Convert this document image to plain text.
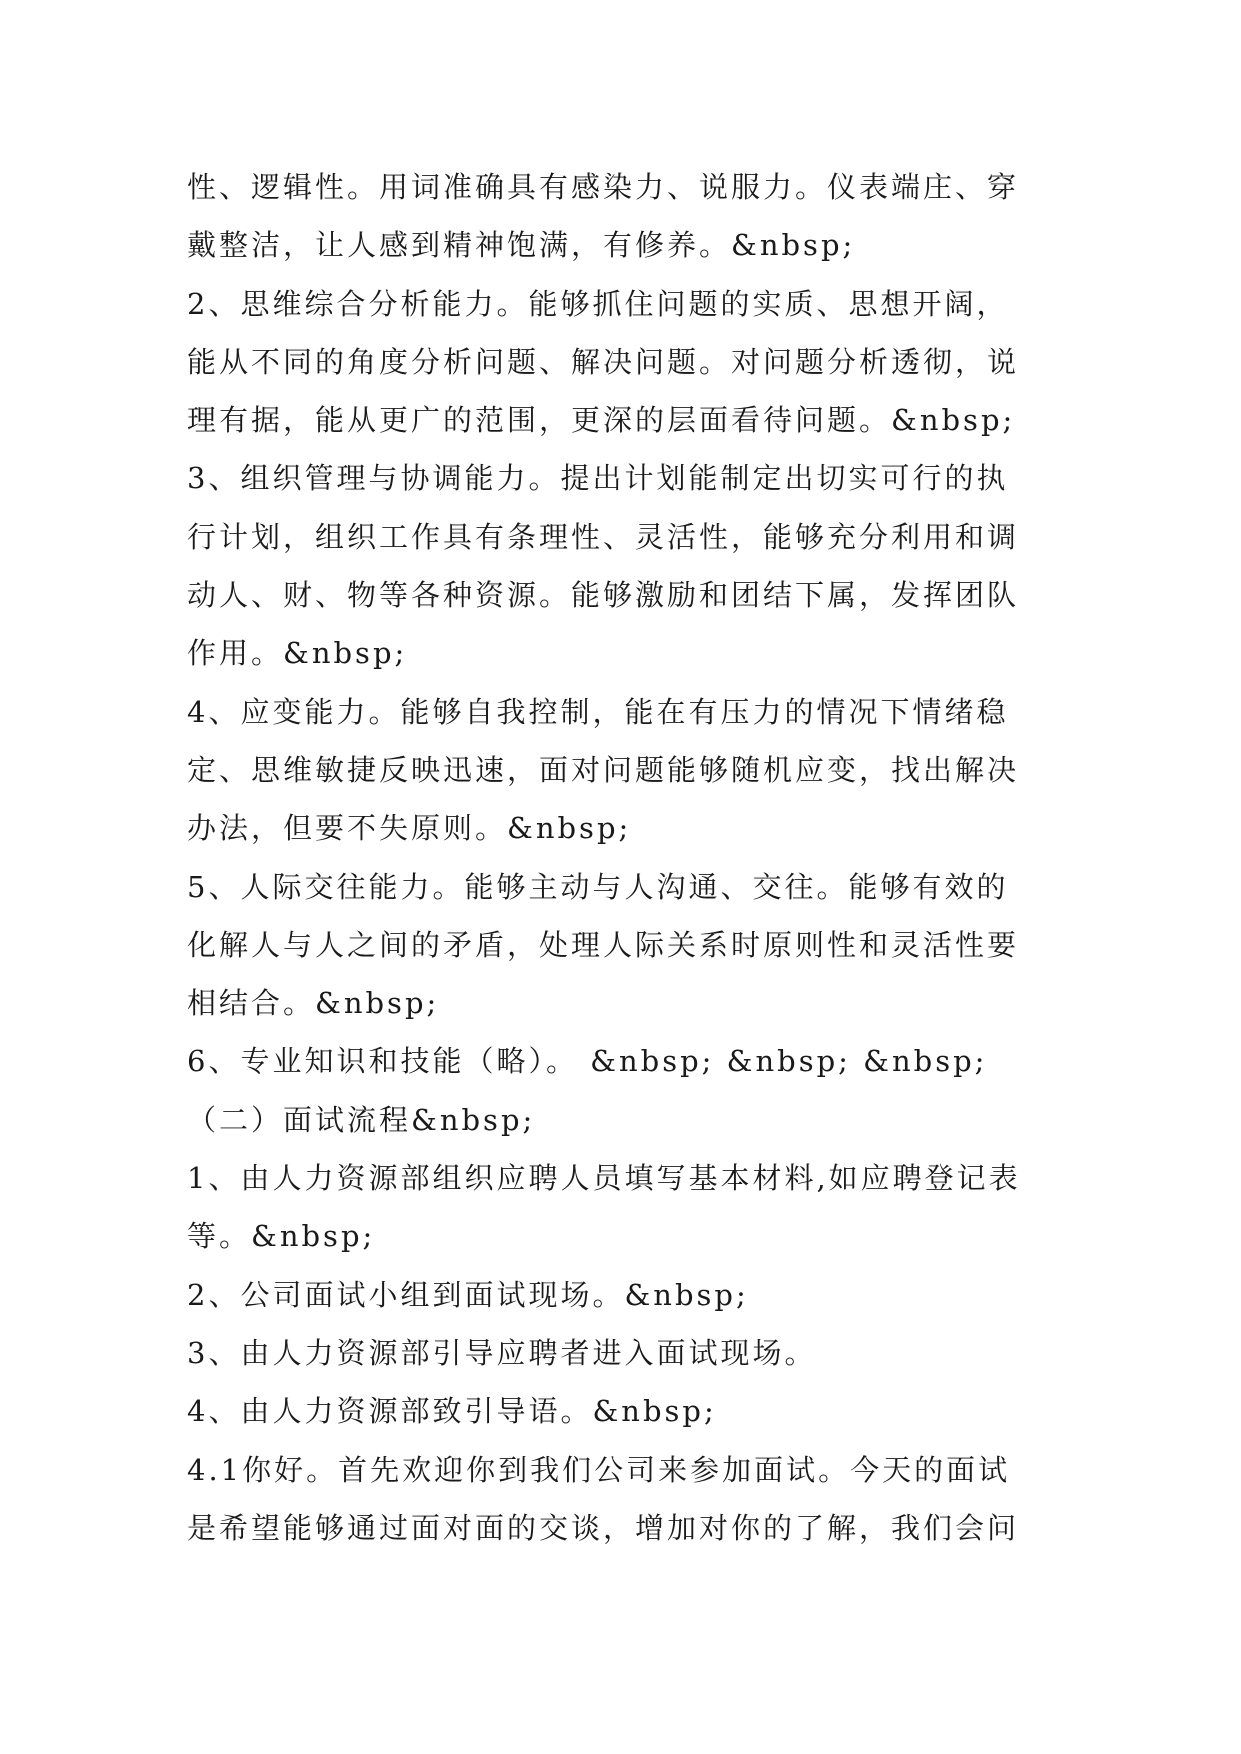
性、逻辑性。用词准确具有感染力、说服力。仪表端庄、穿
戴整洁，让人感到精神饱满，有修养。&nbsp;
2、思维综合分析能力。能够抓住问题的实质、思想开阔，
能从不同的角度分析问题、解决问题。对问题分析透彻，说
理有据，能从更广的范围，更深的层面看待问题。&nbsp;
3、组织管理与协调能力。提出计划能制定出切实可行的执
行计划，组织工作具有条理性、灵活性，能够充分利用和调
动人、财、物等各种资源。能够激励和团结下属，发挥团队
作用。&nbsp;
4、应变能力。能够自我控制，能在有压力的情况下情绪稳
定、思维敏捷反映迅速，面对问题能够随机应变，找出解决
办法，但要不失原则。&nbsp;
5、人际交往能力。能够主动与人沟通、交往。能够有效的
化解人与人之间的矛盾，处理人际关系时原则性和灵活性要
相结合。&nbsp;
6、专业知识和技能（略）。 &nbsp; &nbsp; &nbsp;
（二）面试流程&nbsp;
1、由人力资源部组织应聘人员填写基本材料,如应聘登记表
等。&nbsp;
2、公司面试小组到面试现场。&nbsp;
3、由人力资源部引导应聘者进入面试现场。
4、由人力资源部致引导语。&nbsp;
4.1你好。首先欢迎你到我们公司来参加面试。今天的面试
是希望能够通过面对面的交谈，增加对你的了解，我们会问
